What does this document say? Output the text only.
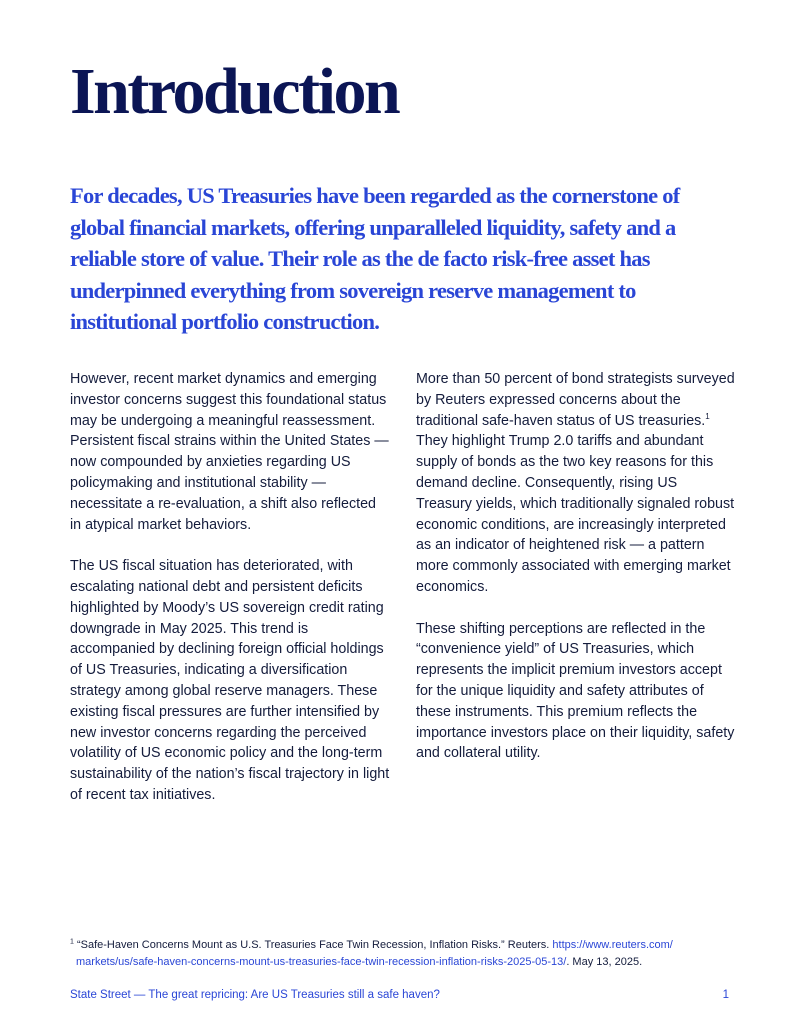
Introduction

For decades, US Treasuries have been regarded as the cornerstone of global financial markets, offering unparalleled liquidity, safety and a reliable store of value. Their role as the de facto risk-free asset has underpinned everything from sovereign reserve management to institutional portfolio construction.

However, recent market dynamics and emerging investor concerns suggest this foundational status may be undergoing a meaningful reassessment. Persistent fiscal strains within the United States — now compounded by anxieties regarding US policymaking and institutional stability — necessitate a re-evaluation, a shift also reflected in atypical market behaviors.

The US fiscal situation has deteriorated, with escalating national debt and persistent deficits highlighted by Moody’s US sovereign credit rating downgrade in May 2025. This trend is accompanied by declining foreign official holdings of US Treasuries, indicating a diversification strategy among global reserve managers. These existing fiscal pressures are further intensified by new investor concerns regarding the perceived volatility of US economic policy and the long-term sustainability of the nation’s fiscal trajectory in light of recent tax initiatives.

More than 50 percent of bond strategists surveyed by Reuters expressed concerns about the traditional safe-haven status of US treasuries.$^1$ They highlight Trump 2.0 tariffs and abundant supply of bonds as the two key reasons for this demand decline. Consequently, rising US Treasury yields, which traditionally signaled robust economic conditions, are increasingly interpreted as an indicator of heightened risk — a pattern more commonly associated with emerging market economics.

These shifting perceptions are reflected in the “convenience yield” of US Treasuries, which represents the implicit premium investors accept for the unique liquidity and safety attributes of these instruments. This premium reflects the importance investors place on their liquidity, safety and collateral utility.

$^1$ “Safe-Haven Concerns Mount as U.S. Treasuries Face Twin Recession, Inflation Risks.” Reuters. https://www.reuters.com/
markets/us/safe-haven-concerns-mount-us-treasuries-face-twin-recession-inflation-risks-2025-05-13/. May 13, 2025.
State Street — The great repricing: Are US Treasuries still a safe haven?	1
